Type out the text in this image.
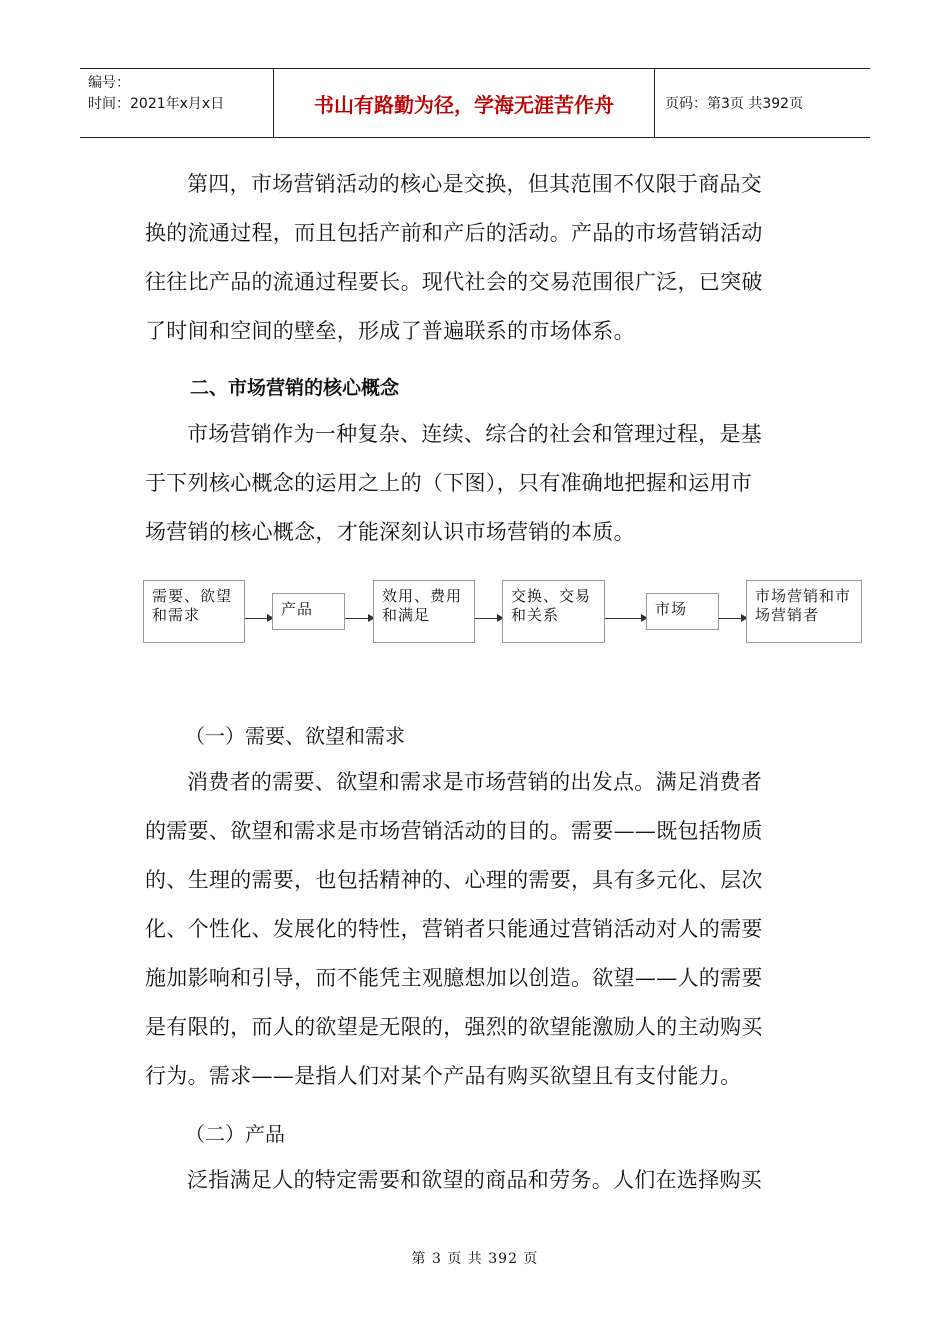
编号：
时间：2021年x月x日	书山有路勤为径，学海无涯苦作舟	页码：第3页 共392页
第四，市场营销活动的核心是交换，但其范围不仅限于商品交
换的流通过程，而且包括产前和产后的活动。产品的市场营销活动
往往比产品的流通过程要长。现代社会的交易范围很广泛，已突破
了时间和空间的壁垒，形成了普遍联系的市场体系。
二、市场营销的核心概念
市场营销作为一种复杂、连续、综合的社会和管理过程，是基
于下列核心概念的运用之上的（下图），只有准确地把握和运用市
场营销的核心概念，才能深刻认识市场营销的本质。
需要、欲望和需求	产品
效用、费用和满足
交换、交易和关系	市场
市场营销和市场营销者
（一）需要、欲望和需求
消费者的需要、欲望和需求是市场营销的出发点。满足消费者
的需要、欲望和需求是市场营销活动的目的。需要——既包括物质
的、生理的需要，也包括精神的、心理的需要，具有多元化、层次
化、个性化、发展化的特性，营销者只能通过营销活动对人的需要
施加影响和引导，而不能凭主观臆想加以创造。欲望——人的需要
是有限的，而人的欲望是无限的，强烈的欲望能激励人的主动购买
行为。需求——是指人们对某个产品有购买欲望且有支付能力。
（二）产品
泛指满足人的特定需要和欲望的商品和劳务。人们在选择购买
第 3 页 共 392 页
